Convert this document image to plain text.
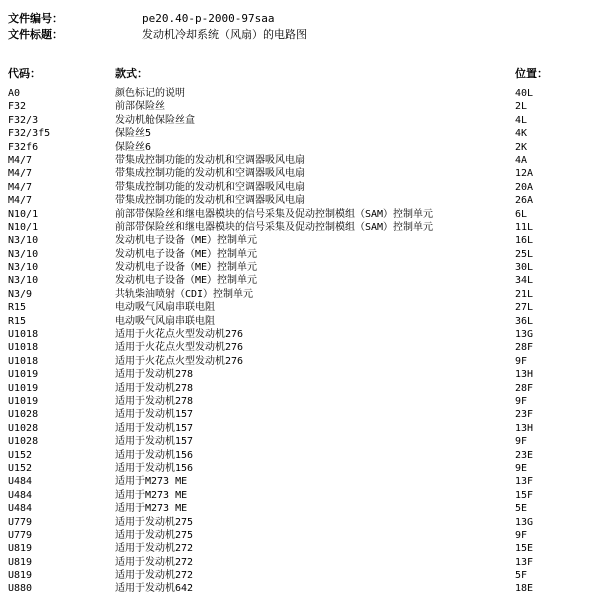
文件编号：	pe20.40-p-2000-97saa
文件标题：	发动机冷却系统（风扇）的电路图
代码：	款式：	位置：
A0	颜色标记的说明	40L
F32	前部保险丝	2L
F32/3	发动机舱保险丝盒	4L
F32/3f5	保险丝5	4K
F32f6	保险丝6	2K
M4/7	带集成控制功能的发动机和空调器吸风电扇	4A
M4/7	带集成控制功能的发动机和空调器吸风电扇	12A
M4/7	带集成控制功能的发动机和空调器吸风电扇	20A
M4/7	带集成控制功能的发动机和空调器吸风电扇	26A
N10/1	前部带保险丝和继电器模块的信号采集及促动控制模组（SAM）控制单元	6L
N10/1	前部带保险丝和继电器模块的信号采集及促动控制模组（SAM）控制单元	11L
N3/10	发动机电子设备（ME）控制单元	16L
N3/10	发动机电子设备（ME）控制单元	25L
N3/10	发动机电子设备（ME）控制单元	30L
N3/10	发动机电子设备（ME）控制单元	34L
N3/9	共轨柴油喷射（CDI）控制单元	21L
R15	电动吸气风扇串联电阻	27L
R15	电动吸气风扇串联电阻	36L
U1018	适用于火花点火型发动机276	13G
U1018	适用于火花点火型发动机276	28F
U1018	适用于火花点火型发动机276	9F
U1019	适用于发动机278	13H
U1019	适用于发动机278	28F
U1019	适用于发动机278	9F
U1028	适用于发动机157	23F
U1028	适用于发动机157	13H
U1028	适用于发动机157	9F
U152	适用于发动机156	23E
U152	适用于发动机156	9E
U484	适用于M273 ME	13F
U484	适用于M273 ME	15F
U484	适用于M273 ME	5E
U779	适用于发动机275	13G
U779	适用于发动机275	9F
U819	适用于发动机272	15E
U819	适用于发动机272	13F
U819	适用于发动机272	5F
U880	适用于发动机642	18E
